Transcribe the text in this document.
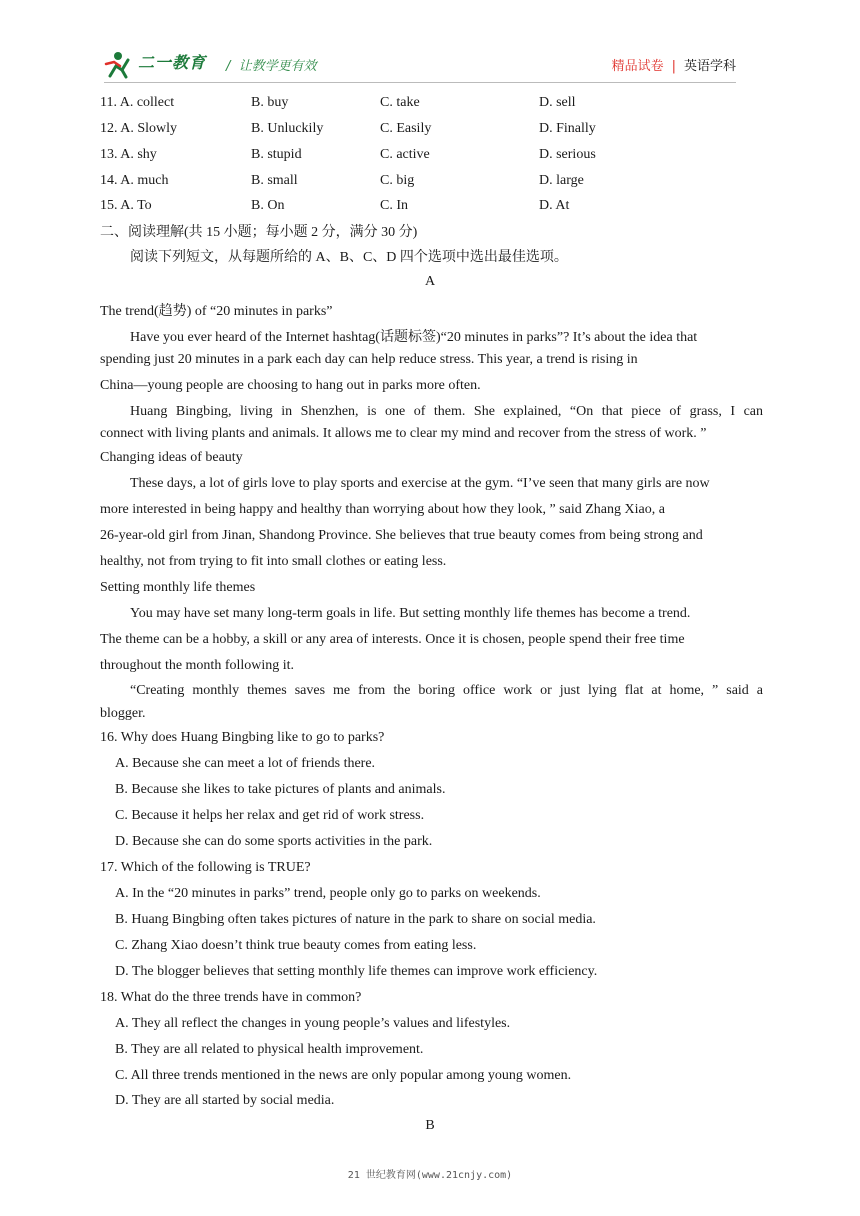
二一教育 /  让教学更有效	精品试卷 | 英语学科
11. A. collect	B. buy	C. take	D. sell
12. A. Slowly	B. Unluckily	C. Easily	D. Finally
13. A. shy	B. stupid	C. active	D. serious
14. A. much	B. small	C. big	D. large
15. A. To	B. On	C. In	D. At
二、阅读理解(共 15 小题；每小题 2 分，满分 30 分)
阅读下列短文，从每题所给的 A、B、C、D 四个选项中选出最佳选项。
A
The trend(趋势) of “20 minutes in parks”
Have you ever heard of the Internet hashtag(话题标签)“20 minutes in parks”? It’s about the idea that
spending just 20 minutes in a park each day can help reduce stress. This year, a trend is rising in
China—young people are choosing to hang out in parks more often.
Huang Bingbing, living in Shenzhen, is one of them. She explained, “On that piece of grass, I can
connect with living plants and animals. It allows me to clear my mind and recover from the stress of work. ”
Changing ideas of beauty
These days, a lot of girls love to play sports and exercise at the gym. “I’ve seen that many girls are now
more interested in being happy and healthy than worrying about how they look, ” said Zhang Xiao, a
26-year-old girl from Jinan, Shandong Province. She believes that true beauty comes from being strong and
healthy, not from trying to fit into small clothes or eating less.
Setting monthly life themes
You may have set many long-term goals in life. But setting monthly life themes has become a trend.
The theme can be a hobby, a skill or any area of interests. Once it is chosen, people spend their free time
throughout the month following it.
“Creating monthly themes saves me from the boring office work or just lying flat at home, ” said a
blogger.
16. Why does Huang Bingbing like to go to parks?
A. Because she can meet a lot of friends there.
B. Because she likes to take pictures of plants and animals.
C. Because it helps her relax and get rid of work stress.
D. Because she can do some sports activities in the park.
17. Which of the following is TRUE?
A. In the “20 minutes in parks” trend, people only go to parks on weekends.
B. Huang Bingbing often takes pictures of nature in the park to share on social media.
C. Zhang Xiao doesn’t think true beauty comes from eating less.
D. The blogger believes that setting monthly life themes can improve work efficiency.
18. What do the three trends have in common?
A. They all reflect the changes in young people’s values and lifestyles.
B. They are all related to physical health improvement.
C. All three trends mentioned in the news are only popular among young women.
D. They are all started by social media.
B
21 世纪教育网(www.21cnjy.com)
